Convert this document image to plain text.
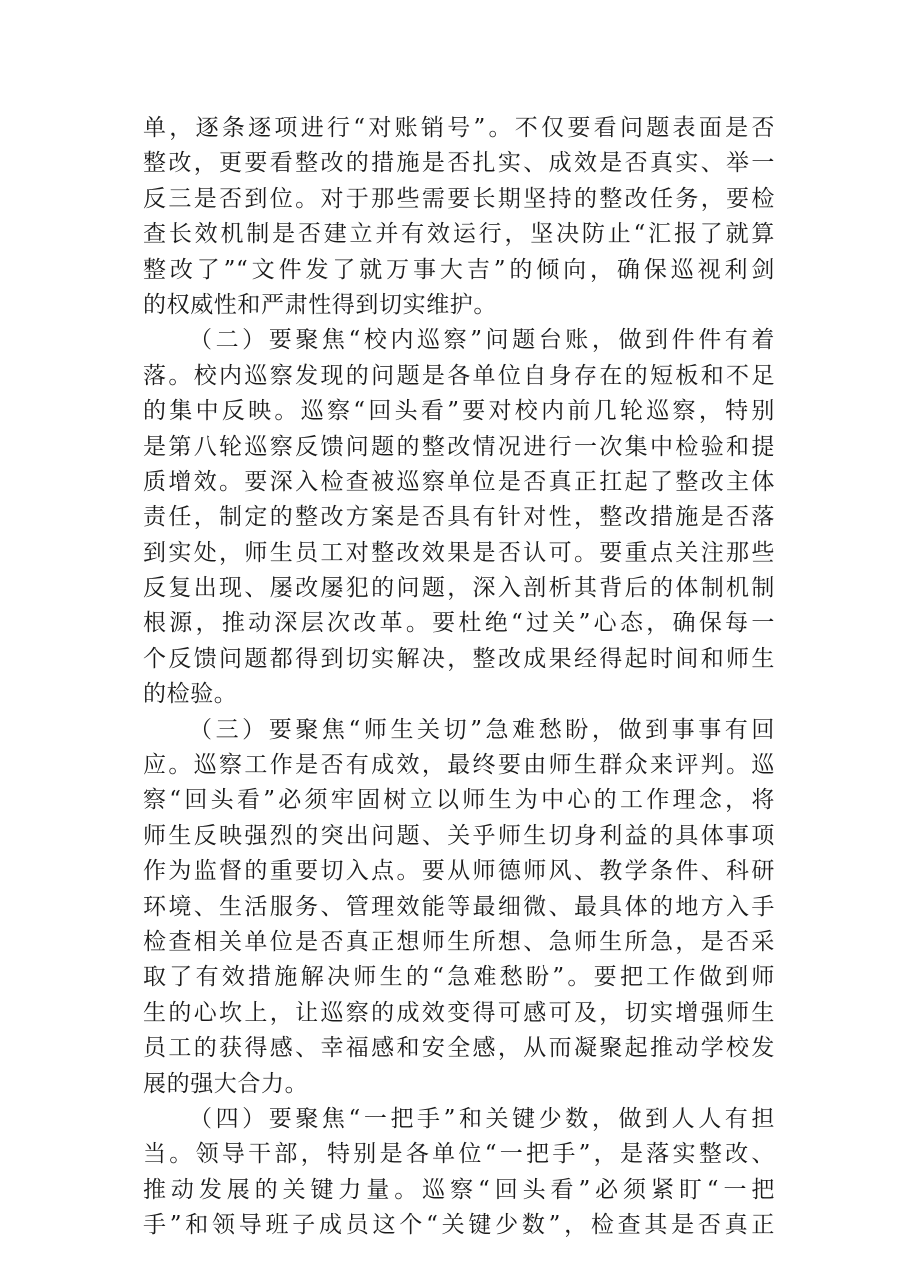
单，逐条逐项进行“对账销号”。不仅要看问题表面是否
整改，更要看整改的措施是否扎实、成效是否真实、举一
反三是否到位。对于那些需要长期坚持的整改任务，要检
查长效机制是否建立并有效运行，坚决防止“汇报了就算
整改了”“文件发了就万事大吉”的倾向，确保巡视利剑
的权威性和严肃性得到切实维护。
（二）要聚焦“校内巡察”问题台账，做到件件有着
落。校内巡察发现的问题是各单位自身存在的短板和不足
的集中反映。巡察“回头看”要对校内前几轮巡察，特别
是第八轮巡察反馈问题的整改情况进行一次集中检验和提
质增效。要深入检查被巡察单位是否真正扛起了整改主体
责任，制定的整改方案是否具有针对性，整改措施是否落
到实处，师生员工对整改效果是否认可。要重点关注那些
反复出现、屡改屡犯的问题，深入剖析其背后的体制机制
根源，推动深层次改革。要杜绝“过关”心态，确保每一
个反馈问题都得到切实解决，整改成果经得起时间和师生
的检验。
（三）要聚焦“师生关切”急难愁盼，做到事事有回
应。巡察工作是否有成效，最终要由师生群众来评判。巡
察“回头看”必须牢固树立以师生为中心的工作理念，将
师生反映强烈的突出问题、关乎师生切身利益的具体事项
作为监督的重要切入点。要从师德师风、教学条件、科研
环境、生活服务、管理效能等最细微、最具体的地方入手
检查相关单位是否真正想师生所想、急师生所急，是否采
取了有效措施解决师生的“急难愁盼”。要把工作做到师
生的心坎上，让巡察的成效变得可感可及，切实增强师生
员工的获得感、幸福感和安全感，从而凝聚起推动学校发
展的强大合力。
（四）要聚焦“一把手”和关键少数，做到人人有担
当。领导干部，特别是各单位“一把手”，是落实整改、
推动发展的关键力量。巡察“回头看”必须紧盯“一把
手”和领导班子成员这个“关键少数”，检查其是否真正
